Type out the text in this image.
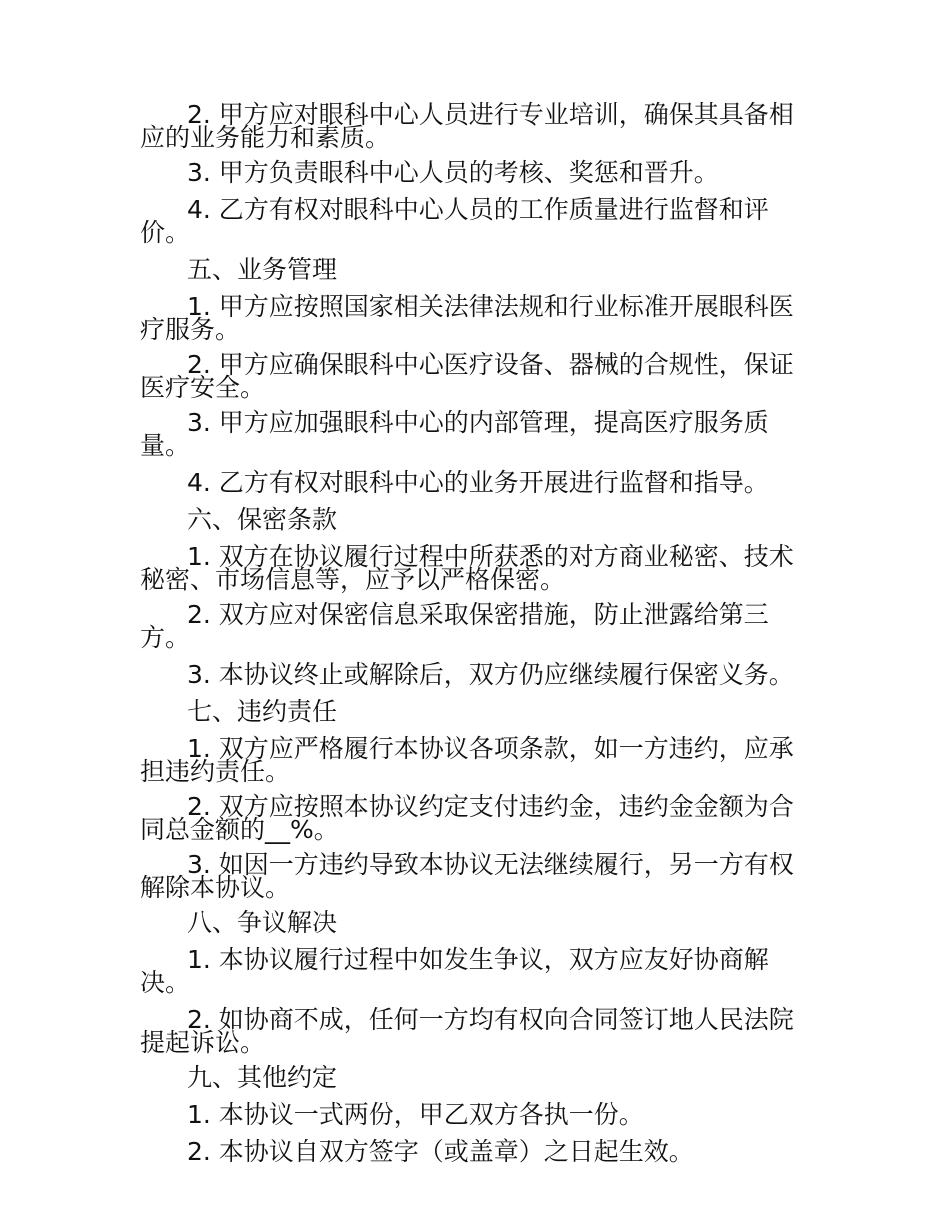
2. 甲方应对眼科中心人员进行专业培训，确保其具备相应的业务能力和素质。

3. 甲方负责眼科中心人员的考核、奖惩和晋升。

4. 乙方有权对眼科中心人员的工作质量进行监督和评价。

五、业务管理

1. 甲方应按照国家相关法律法规和行业标准开展眼科医疗服务。

2. 甲方应确保眼科中心医疗设备、器械的合规性，保证医疗安全。

3. 甲方应加强眼科中心的内部管理，提高医疗服务质量。

4. 乙方有权对眼科中心的业务开展进行监督和指导。

六、保密条款

1. 双方在协议履行过程中所获悉的对方商业秘密、技术秘密、市场信息等，应予以严格保密。

2. 双方应对保密信息采取保密措施，防止泄露给第三方。

3. 本协议终止或解除后，双方仍应继续履行保密义务。

七、违约责任

1. 双方应严格履行本协议各项条款，如一方违约，应承担违约责任。

2. 双方应按照本协议约定支付违约金，违约金金额为合同总金额的__%。

3. 如因一方违约导致本协议无法继续履行，另一方有权解除本协议。

八、争议解决

1. 本协议履行过程中如发生争议，双方应友好协商解决。

2. 如协商不成，任何一方均有权向合同签订地人民法院提起诉讼。

九、其他约定

1. 本协议一式两份，甲乙双方各执一份。

2. 本协议自双方签字（或盖章）之日起生效。
